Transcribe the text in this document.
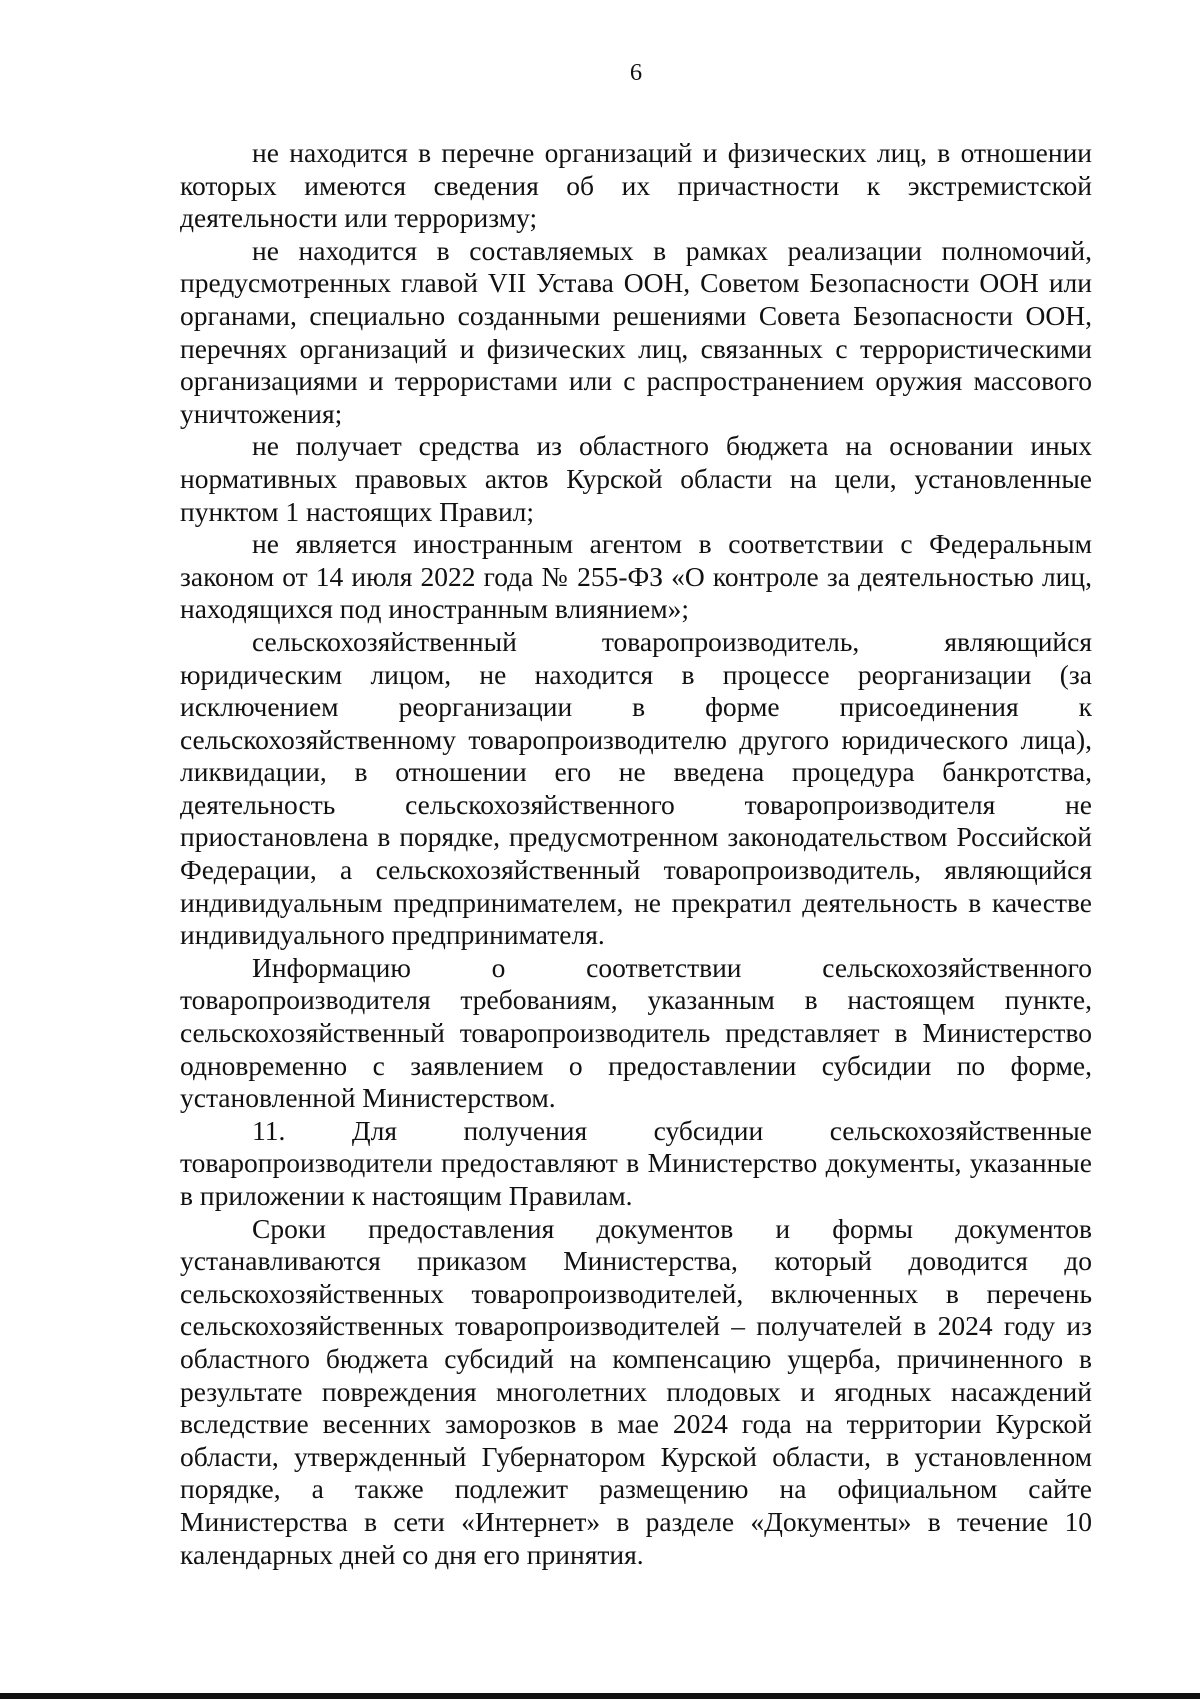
6

не находится в перечне организаций и физических лиц, в отношении которых имеются сведения об их причастности к экстремистской деятельности или терроризму;

не находится в составляемых в рамках реализации полномочий, предусмотренных главой VII Устава ООН, Советом Безопасности ООН или органами, специально созданными решениями Совета Безопасности ООН, перечнях организаций и физических лиц, связанных с террористическими организациями и террористами или с распространением оружия массового уничтожения;

не получает средства из областного бюджета на основании иных нормативных правовых актов Курской области на цели, установленные пунктом 1 настоящих Правил;

не является иностранным агентом в соответствии с Федеральным законом от 14 июля 2022 года № 255-ФЗ «О контроле за деятельностью лиц, находящихся под иностранным влиянием»;

сельскохозяйственный товаропроизводитель, являющийся юридическим лицом, не находится в процессе реорганизации (за исключением реорганизации в форме присоединения к сельскохозяйственному товаропроизводителю другого юридического лица), ликвидации, в отношении его не введена процедура банкротства, деятельность сельскохозяйственного товаропроизводителя не приостановлена в порядке, предусмотренном законодательством Российской Федерации, а сельскохозяйственный товаропроизводитель, являющийся индивидуальным предпринимателем, не прекратил деятельность в качестве индивидуального предпринимателя.

Информацию о соответствии сельскохозяйственного товаропроизводителя требованиям, указанным в настоящем пункте, сельскохозяйственный товаропроизводитель представляет в Министерство одновременно с заявлением о предоставлении субсидии по форме, установленной Министерством.

11. Для получения субсидии сельскохозяйственные товаропроизводители предоставляют в Министерство документы, указанные в приложении к настоящим Правилам.

Сроки предоставления документов и формы документов устанавливаются приказом Министерства, который доводится до сельскохозяйственных товаропроизводителей, включенных в перечень сельскохозяйственных товаропроизводителей – получателей в 2024 году из областного бюджета субсидий на компенсацию ущерба, причиненного в результате повреждения многолетних плодовых и ягодных насаждений вследствие весенних заморозков в мае 2024 года на территории Курской области, утвержденный Губернатором Курской области, в установленном порядке, а также подлежит размещению на официальном сайте Министерства в сети «Интернет» в разделе «Документы» в течение 10 календарных дней со дня его принятия.
